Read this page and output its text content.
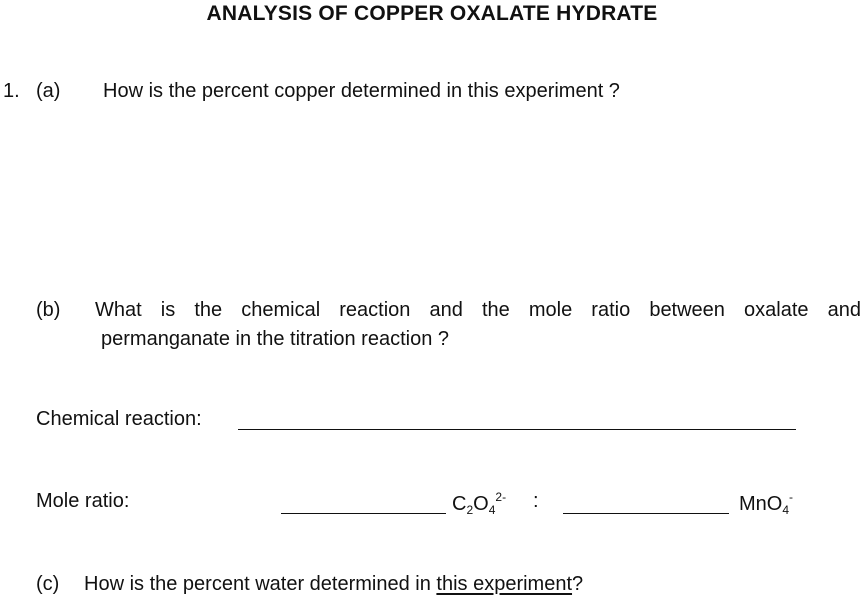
ANALYSIS OF COPPER OXALATE HYDRATE
1. (a) How is the percent copper determined in this experiment ?
(b) What is the chemical reaction and the mole ratio between oxalate and
permanganate in the titration reaction ?
Chemical reaction:
Mole ratio:	$C_2O_4^{2-}$ :	MnO$_4$-
(c) How is the percent water determined in this experiment?
